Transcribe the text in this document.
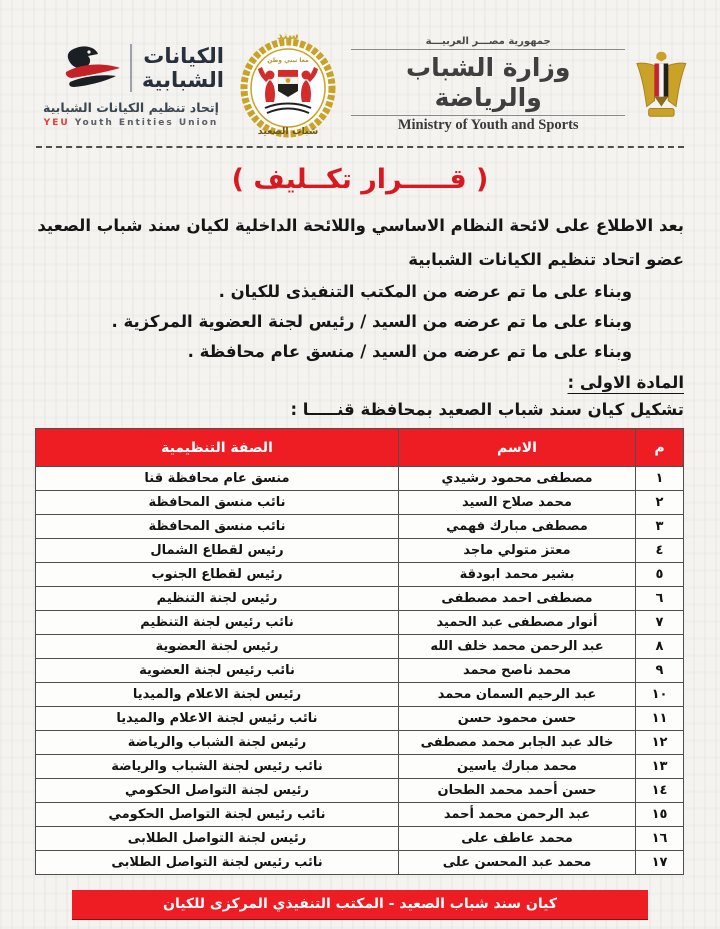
الكيانات
الشبابية
إتحاد تنظيم الكيانات الشبابية
YEU Youth Entities Union
سند
معا نبني وطن
شباب الصعيد
جمهورية مصـــر العربيـــة
وزارة الشباب والرياضة
Ministry of Youth and Sports
( قـــــرار تكــليف )

بعد الاطلاع على لائحة النظام الاساسي واللائحة الداخلية لكيان سند شباب الصعيد عضو اتحاد تنظيم الكيانات الشبابية

وبناء على ما تم عرضه من المكتب التنفيذى للكيان .

وبناء على ما تم عرضه من السيد / رئيس لجنة العضوية المركزية .

وبناء على ما تم عرضه من السيد / منسق عام محافظة .

المادة الاولى :

تشكيل كيان سند شباب الصعيد بمحافظة قنـــــا :

م	الاسم	الصفة التنظيمية
١	مصطفى محمود رشيدي	منسق عام محافظة قنا
٢	محمد صلاح السيد	نائب منسق المحافظة
٣	مصطفى مبارك فهمي	نائب منسق المحافظة
٤	معتز متولي ماجد	رئيس لقطاع الشمال
٥	بشير محمد ابودقة	رئيس لقطاع الجنوب
٦	مصطفى احمد مصطفى	رئيس لجنة التنظيم
٧	أنوار مصطفى عبد الحميد	نائب رئيس لجنة التنظيم
٨	عبد الرحمن محمد خلف الله	رئيس لجنة العضوية
٩	محمد ناصح محمد	نائب رئيس لجنة العضوية
١٠	عبد الرحيم السمان محمد	رئيس لجنة الاعلام والميديا
١١	حسن محمود حسن	نائب رئيس لجنة الاعلام والميديا
١٢	خالد عبد الجابر محمد مصطفى	رئيس لجنة الشباب والرياضة
١٣	محمد مبارك ياسين	نائب رئيس لجنة الشباب والرياضة
١٤	حسن أحمد محمد الطحان	رئيس لجنة التواصل الحكومي
١٥	عبد الرحمن محمد أحمد	نائب رئيس لجنة التواصل الحكومي
١٦	محمد عاطف على	رئيس لجنة التواصل الطلابى
١٧	محمد عبد المحسن على	نائب رئيس لجنة التواصل الطلابى
كيان سند شباب الصعيد - المكتب التنفيذي المركزى للكيان
